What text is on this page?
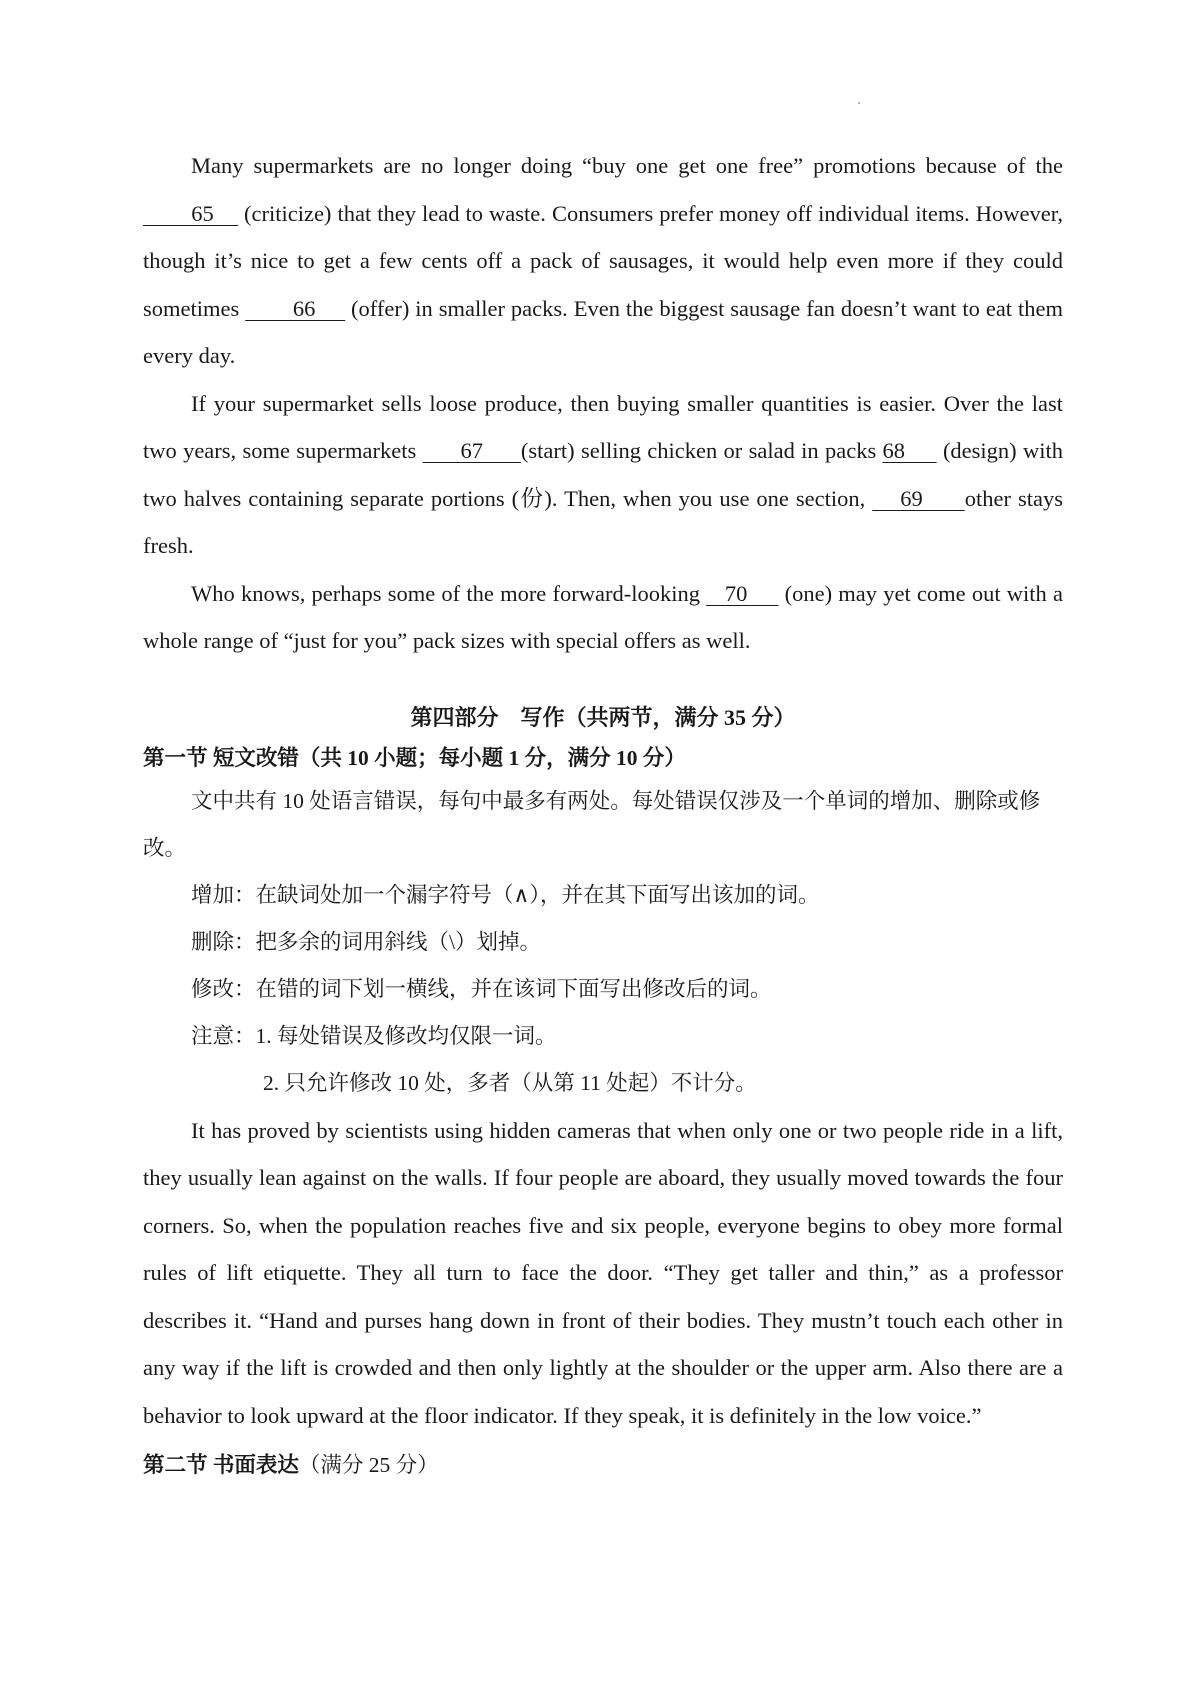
Many supermarkets are no longer doing “buy one get one free” promotions because of the         65     (criticize) that they lead to waste. Consumers prefer money off individual items. However, though it’s nice to get a few cents off a pack of sausages, it would help even more if they could sometimes         66      (offer) in smaller packs. Even the biggest sausage fan doesn’t want to eat them every day.

If your supermarket sells loose produce, then buying smaller quantities is easier. Over the last two years, some supermarkets       67      (start) selling chicken or salad in packs 68      (design) with two halves containing separate portions (份). Then, when you use one section,     69      other stays fresh.

Who knows, perhaps some of the more forward-looking    70      (one) may yet come out with a whole range of “just for you” pack sizes with special offers as well.

第四部分　写作（共两节，满分 35 分）

第一节 短文改错（共 10 小题；每小题 1 分，满分 10 分）

文中共有 10 处语言错误，每句中最多有两处。每处错误仅涉及一个单词的增加、删除或修改。

增加：在缺词处加一个漏字符号（∧），并在其下面写出该加的词。

删除：把多余的词用斜线（\）划掉。

修改：在错的词下划一横线，并在该词下面写出修改后的词。

注意：1. 每处错误及修改均仅限一词。

2. 只允许修改 10 处，多者（从第 11 处起）不计分。

It has proved by scientists using hidden cameras that when only one or two people ride in a lift, they usually lean against on the walls. If four people are aboard, they usually moved towards the four corners. So, when the population reaches five and six people, everyone begins to obey more formal rules of lift etiquette. They all turn to face the door. “They get taller and thin,” as a professor describes it. “Hand and purses hang down in front of their bodies. They mustn’t touch each other in any way if the lift is crowded and then only lightly at the shoulder or the upper arm. Also there are a behavior to look upward at the floor indicator. If they speak, it is definitely in the low voice.”

第二节 书面表达（满分 25 分）
